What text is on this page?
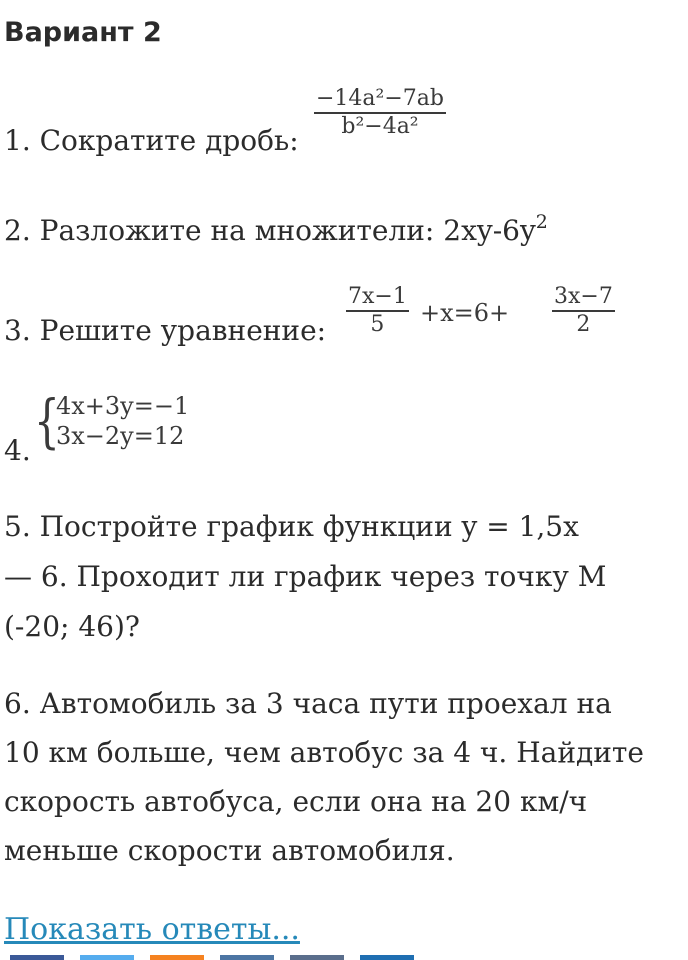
Вариант 2
1. Сократите дробь:
−14a²−7ab
b²−4a²
2. Разложите на множители: $2xy-6y^2$
3. Решите уравнение:
7x−1
5	+x=6+
3x−7
2
4. {
4x+3y=−1
3x−2y=12
5. Постройте график функции y = 1,5x
— 6. Проходит ли график через точку M
(-20; 46)?
6. Автомобиль за 3 часа пути проехал на
10 км больше, чем автобус за 4 ч. Найдите
скорость автобуса, если она на 20 км/ч
меньше скорости автомобиля.
Показать ответы...
